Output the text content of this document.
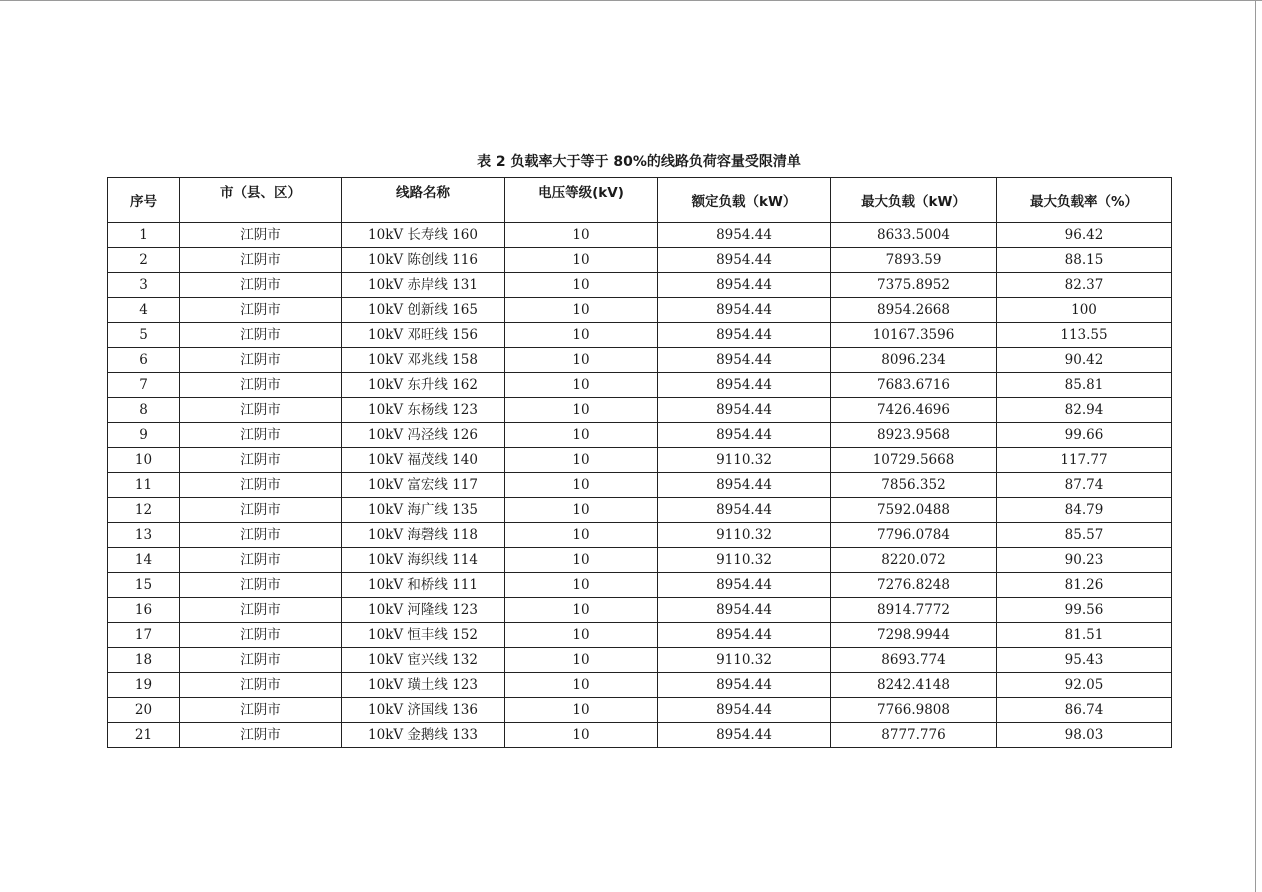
表 2 负载率大于等于 80%的线路负荷容量受限清单
序号	市（县、区）	线路名称	电压等级(kV)	额定负载（kW）	最大负载（kW）	最大负载率（%）
1	江阴市	10kV 长寿线 160	10	8954.44	8633.5004	96.42
2	江阴市	10kV 陈创线 116	10	8954.44	7893.59	88.15
3	江阴市	10kV 赤岸线 131	10	8954.44	7375.8952	82.37
4	江阴市	10kV 创新线 165	10	8954.44	8954.2668	100
5	江阴市	10kV 邓旺线 156	10	8954.44	10167.3596	113.55
6	江阴市	10kV 邓兆线 158	10	8954.44	8096.234	90.42
7	江阴市	10kV 东升线 162	10	8954.44	7683.6716	85.81
8	江阴市	10kV 东杨线 123	10	8954.44	7426.4696	82.94
9	江阴市	10kV 冯泾线 126	10	8954.44	8923.9568	99.66
10	江阴市	10kV 福茂线 140	10	9110.32	10729.5668	117.77
11	江阴市	10kV 富宏线 117	10	8954.44	7856.352	87.74
12	江阴市	10kV 海广线 135	10	8954.44	7592.0488	84.79
13	江阴市	10kV 海磬线 118	10	9110.32	7796.0784	85.57
14	江阴市	10kV 海织线 114	10	9110.32	8220.072	90.23
15	江阴市	10kV 和桥线 111	10	8954.44	7276.8248	81.26
16	江阴市	10kV 河隆线 123	10	8954.44	8914.7772	99.56
17	江阴市	10kV 恒丰线 152	10	8954.44	7298.9944	81.51
18	江阴市	10kV 宦兴线 132	10	9110.32	8693.774	95.43
19	江阴市	10kV 璜土线 123	10	8954.44	8242.4148	92.05
20	江阴市	10kV 济国线 136	10	8954.44	7766.9808	86.74
21	江阴市	10kV 金鹅线 133	10	8954.44	8777.776	98.03
